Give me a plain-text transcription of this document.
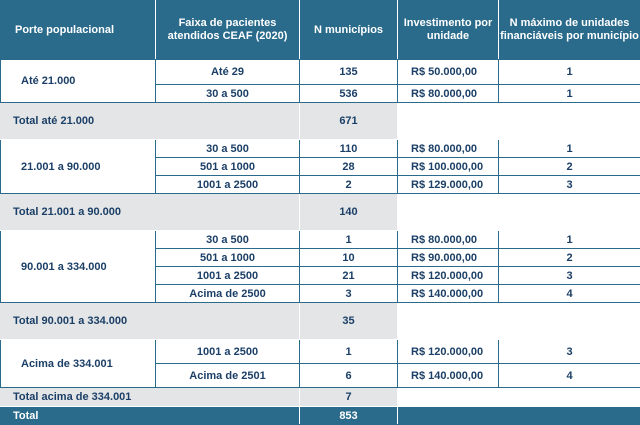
Porte populacional	Faixa de pacientes atendidos CEAF (2020)	N municípios	Investimento por unidade	N máximo de unidades financiáveis por município
Até 21.000	Até 29	135	R$ 50.000,00	1
	30 a 500	536	R$ 80.000,00	1
Total até 21.000		671		
21.001 a 90.000	30 a 500	110	R$ 80.000,00	1
	501 a 1000	28	R$ 100.000,00	2
	1001 a 2500	2	R$ 129.000,00	3
Total 21.001 a 90.000		140		
90.001 a 334.000	30 a 500	1	R$ 80.000,00	1
	501 a 1000	10	R$ 90.000,00	2
	1001 a 2500	21	R$ 120.000,00	3
	Acima de 2500	3	R$ 140.000,00	4
Total 90.001 a 334.000		35		
Acima de 334.001	1001 a 2500	1	R$ 120.000,00	3
	Acima de 2501	6	R$ 140.000,00	4
Total acima de 334.001		7		
Total		853		
